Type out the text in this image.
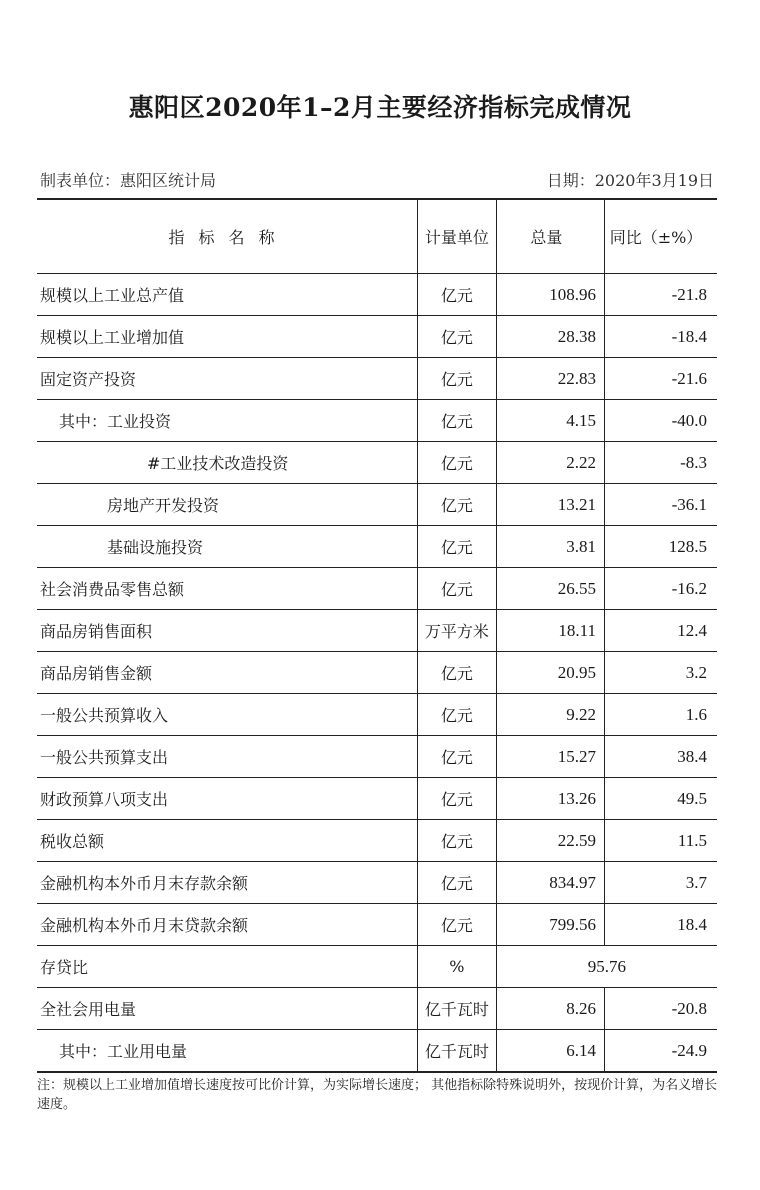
惠阳区2020年1–2月主要经济指标完成情况
制表单位：惠阳区统计局	日期：2020年3月19日
指标名称	计量单位	总量	同比（±%）
规模以上工业总产值	亿元	108.96	-21.8
规模以上工业增加值	亿元	28.38	-18.4
固定资产投资	亿元	22.83	-21.6
其中：工业投资	亿元	4.15	-40.0
#工业技术改造投资	亿元	2.22	-8.3
房地产开发投资	亿元	13.21	-36.1
基础设施投资	亿元	3.81	128.5
社会消费品零售总额	亿元	26.55	-16.2
商品房销售面积	万平方米	18.11	12.4
商品房销售金额	亿元	20.95	3.2
一般公共预算收入	亿元	9.22	1.6
一般公共预算支出	亿元	15.27	38.4
财政预算八项支出	亿元	13.26	49.5
税收总额	亿元	22.59	11.5
金融机构本外币月末存款余额	亿元	834.97	3.7
金融机构本外币月末贷款余额	亿元	799.56	18.4
存贷比	%	95.76	
全社会用电量	亿千瓦时	8.26	-20.8
其中：工业用电量	亿千瓦时	6.14	-24.9
注：规模以上工业增加值增长速度按可比价计算，为实际增长速度； 其他指标除特殊说明外，按现价计算，为名义增长速度。
